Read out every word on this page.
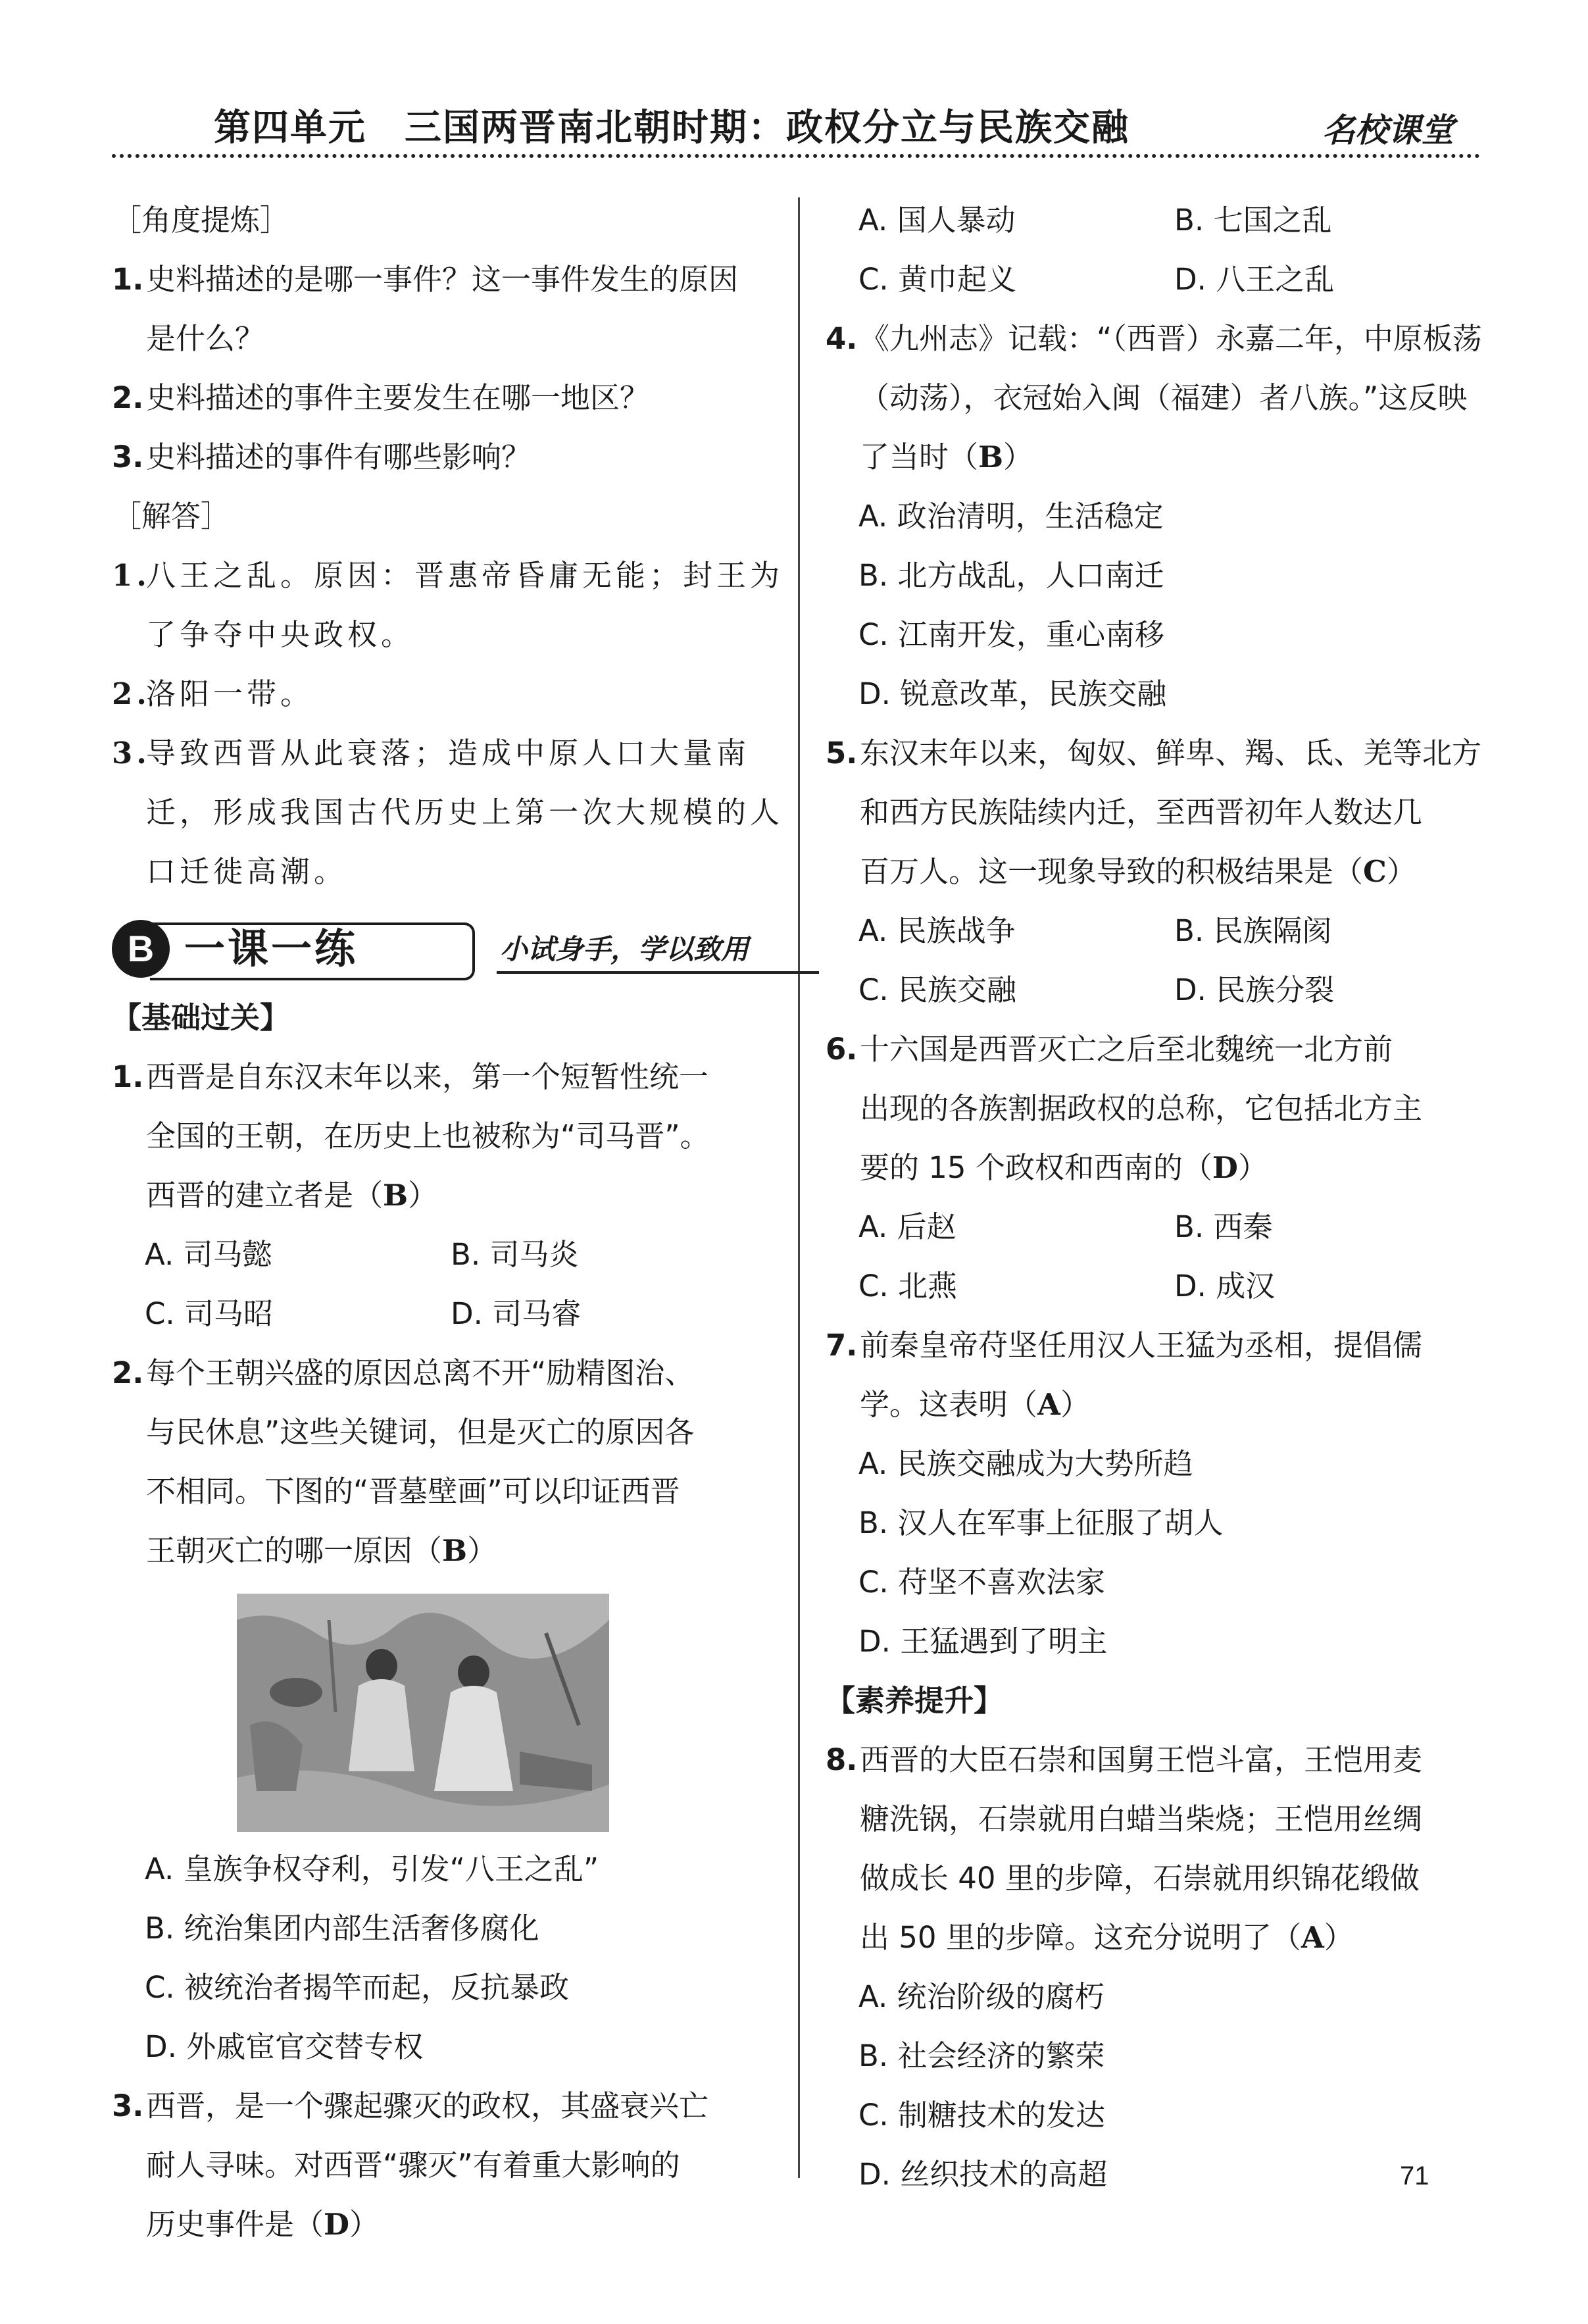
第四单元　三国两晋南北朝时期：政权分立与民族交融	名校课堂
［角度提炼］
1.史料描述的是哪一事件？这一事件发生的原因
是什么？
2.史料描述的事件主要发生在哪一地区？
3.史料描述的事件有哪些影响？
［解答］
1.八王之乱。原因：晋惠帝昏庸无能；封王为
了争夺中央政权。
2.洛阳一带。
3.导致西晋从此衰落；造成中原人口大量南
迁，形成我国古代历史上第一次大规模的人
口迁徙高潮。
B 一课一练	小试身手，学以致用
【基础过关】
1.西晋是自东汉末年以来，第一个短暂性统一
全国的王朝，在历史上也被称为“司马晋”。
西晋的建立者是（B）
A. 司马懿	B. 司马炎
C. 司马昭	D. 司马睿
2.每个王朝兴盛的原因总离不开“励精图治、
与民休息”这些关键词，但是灭亡的原因各
不相同。下图的“晋墓壁画”可以印证西晋
王朝灭亡的哪一原因（B）
A. 皇族争权夺利，引发“八王之乱”
B. 统治集团内部生活奢侈腐化
C. 被统治者揭竿而起，反抗暴政
D. 外戚宦官交替专权
3.西晋，是一个骤起骤灭的政权，其盛衰兴亡
耐人寻味。对西晋“骤灭”有着重大影响的
历史事件是（D）
A. 国人暴动	B. 七国之乱
C. 黄巾起义	D. 八王之乱
4.《九州志》记载：“（西晋）永嘉二年，中原板荡
（动荡），衣冠始入闽（福建）者八族。”这反映
了当时（B）
A. 政治清明，生活稳定
B. 北方战乱，人口南迁
C. 江南开发，重心南移
D. 锐意改革，民族交融
5.东汉末年以来，匈奴、鲜卑、羯、氐、羌等北方
和西方民族陆续内迁，至西晋初年人数达几
百万人。这一现象导致的积极结果是（C）
A. 民族战争	B. 民族隔阂
C. 民族交融	D. 民族分裂
6.十六国是西晋灭亡之后至北魏统一北方前
出现的各族割据政权的总称，它包括北方主
要的 15 个政权和西南的（D）
A. 后赵	B. 西秦
C. 北燕	D. 成汉
7.前秦皇帝苻坚任用汉人王猛为丞相，提倡儒
学。这表明（A）
A. 民族交融成为大势所趋
B. 汉人在军事上征服了胡人
C. 苻坚不喜欢法家
D. 王猛遇到了明主
【素养提升】
8.西晋的大臣石崇和国舅王恺斗富，王恺用麦
糖洗锅，石崇就用白蜡当柴烧；王恺用丝绸
做成长 40 里的步障，石崇就用织锦花缎做
出 50 里的步障。这充分说明了（A）
A. 统治阶级的腐朽
B. 社会经济的繁荣
C. 制糖技术的发达
D. 丝织技术的高超	71
